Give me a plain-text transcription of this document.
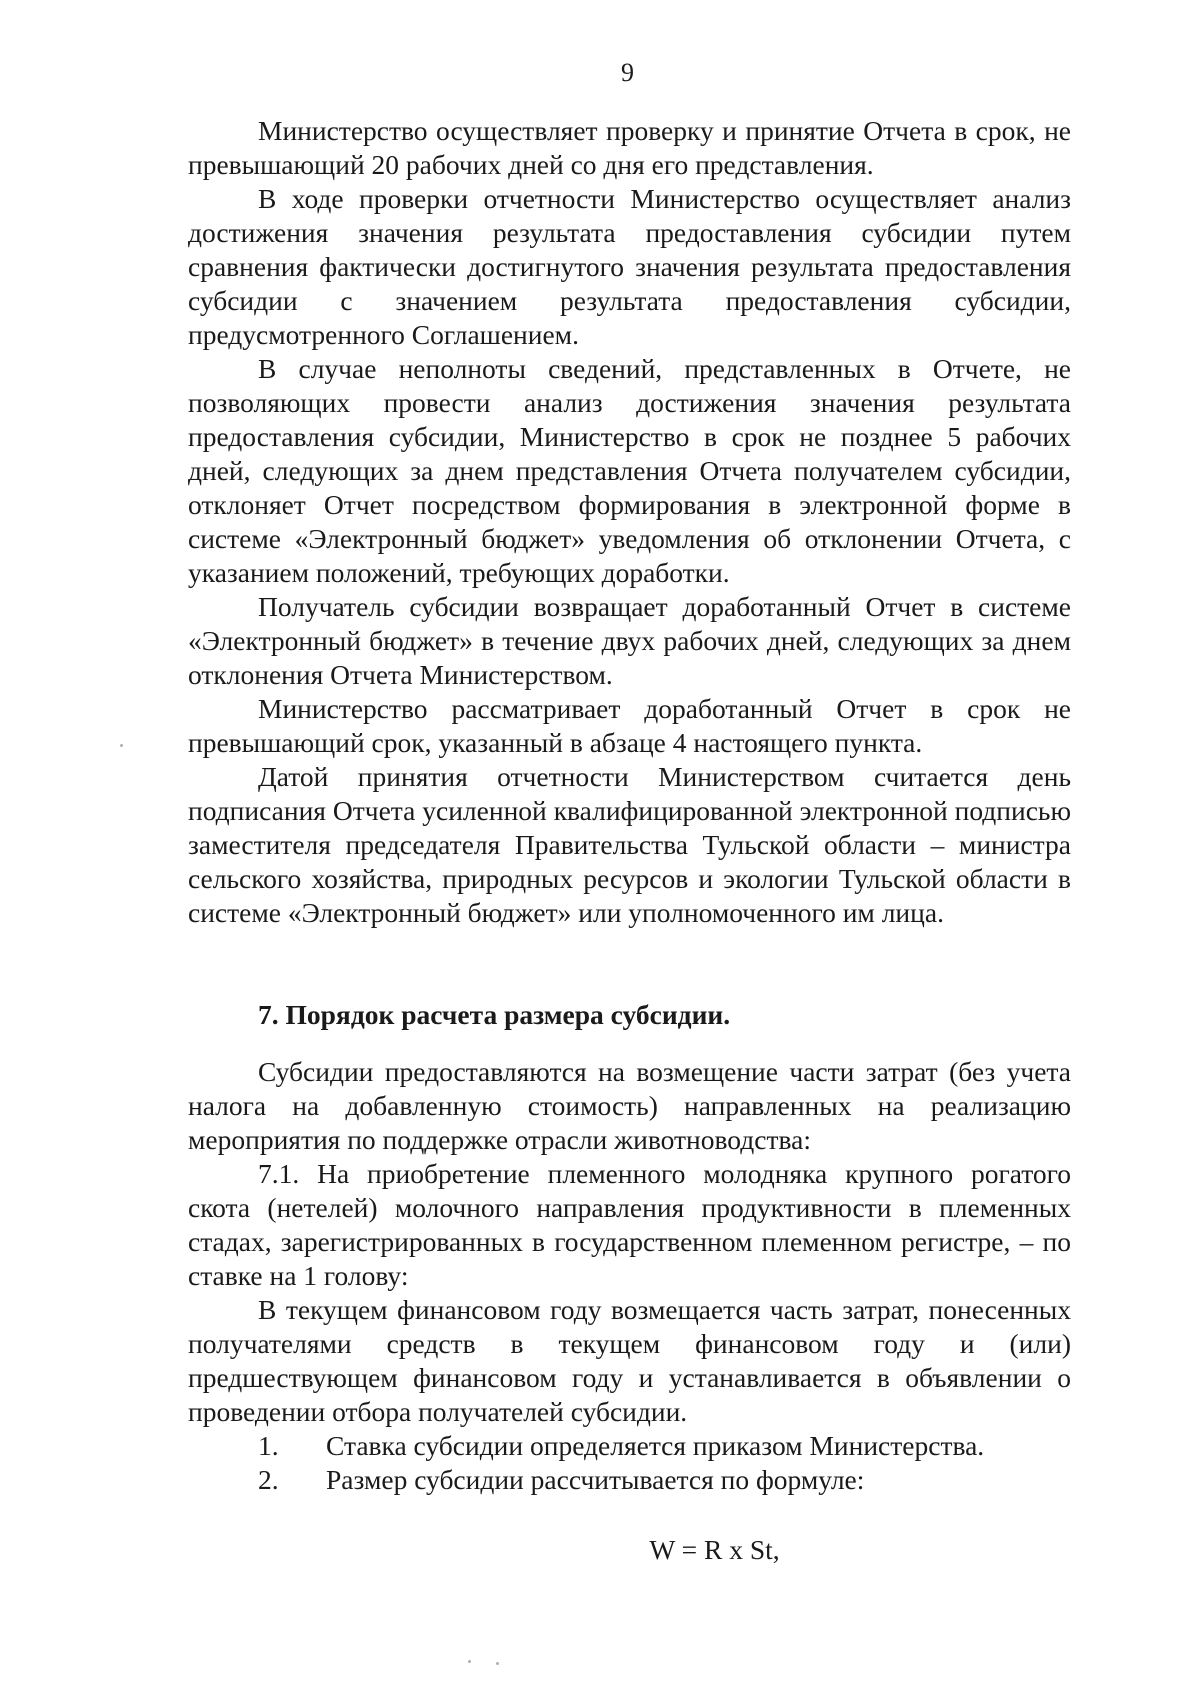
9

Министерство осуществляет проверку и принятие Отчета в срок, не превышающий 20 рабочих дней со дня его представления.

В ходе проверки отчетности Министерство осуществляет анализ достижения значения результата предоставления субсидии путем сравнения фактически достигнутого значения результата предоставления субсидии с значением результата предоставления субсидии, предусмотренного Соглашением.

В случае неполноты сведений, представленных в Отчете, не позволяющих провести анализ достижения значения результата предоставления субсидии, Министерство в срок не позднее 5 рабочих дней, следующих за днем представления Отчета получателем субсидии, отклоняет Отчет посредством формирования в электронной форме в системе «Электронный бюджет» уведомления об отклонении Отчета, с указанием положений, требующих доработки.

Получатель субсидии возвращает доработанный Отчет в системе «Электронный бюджет» в течение двух рабочих дней, следующих за днем отклонения Отчета Министерством.

Министерство рассматривает доработанный Отчет в срок не превышающий срок, указанный в абзаце 4 настоящего пункта.

Датой принятия отчетности Министерством считается день подписания Отчета усиленной квалифицированной электронной подписью заместителя председателя Правительства Тульской области – министра сельского хозяйства, природных ресурсов и экологии Тульской области в системе «Электронный бюджет» или уполномоченного им лица.

7. Порядок расчета размера субсидии.

Субсидии предоставляются на возмещение части затрат (без учета налога на добавленную стоимость) направленных на реализацию мероприятия по поддержке отрасли животноводства:

7.1. На приобретение племенного молодняка крупного рогатого скота (нетелей) молочного направления продуктивности в племенных стадах, зарегистрированных в государственном племенном регистре, – по ставке на 1 голову:

В текущем финансовом году возмещается часть затрат, понесенных получателями средств в текущем финансовом году и (или) предшествующем финансовом году и устанавливается в объявлении о проведении отбора получателей субсидии.

1.	Ставка субсидии определяется приказом Министерства.
2.	Размер субсидии рассчитывается по формуле:
W = R x St,
